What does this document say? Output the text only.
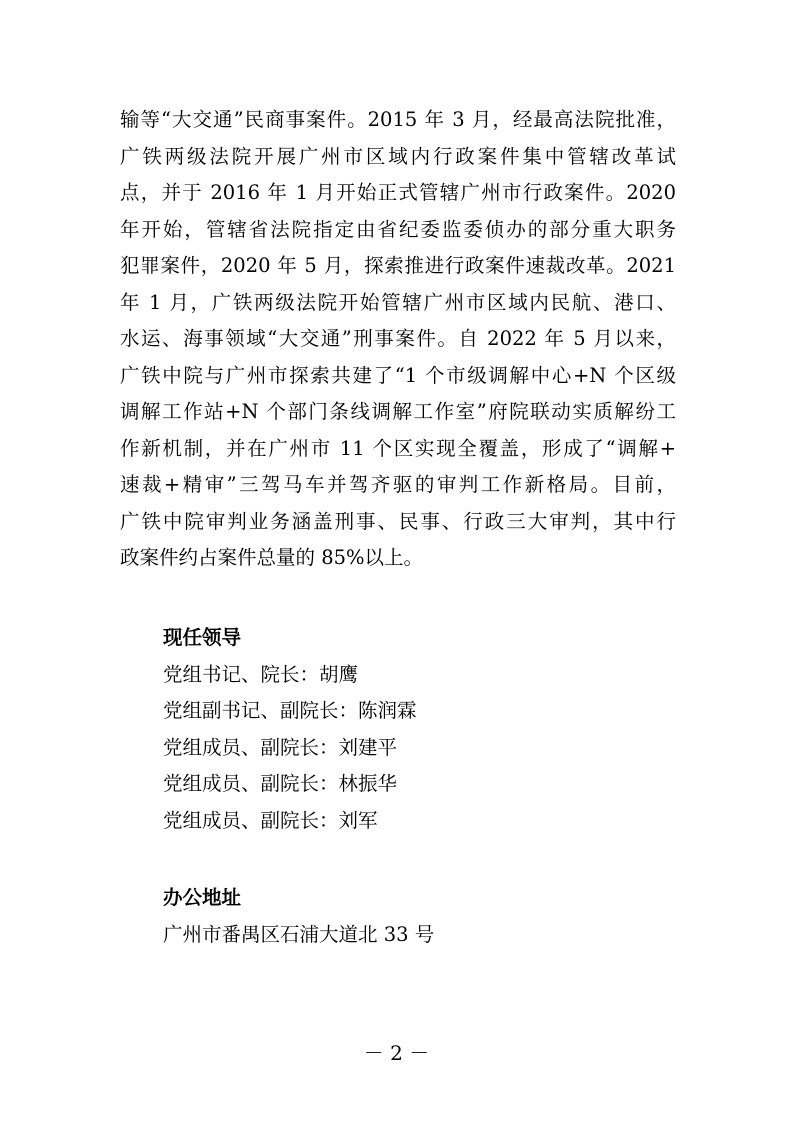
输等“大交通”民商事案件。2015 年 3 月，经最高法院批准，
广铁两级法院开展广州市区域内行政案件集中管辖改革试
点，并于 2016 年 1 月开始正式管辖广州市行政案件。2020
年开始，管辖省法院指定由省纪委监委侦办的部分重大职务
犯罪案件，2020 年 5 月，探索推进行政案件速裁改革。2021
年 1 月，广铁两级法院开始管辖广州市区域内民航、港口、
水运、海事领域“大交通”刑事案件。自 2022 年 5 月以来，
广铁中院与广州市探索共建了“1 个市级调解中心+N 个区级
调解工作站+N 个部门条线调解工作室”府院联动实质解纷工
作新机制，并在广州市 11 个区实现全覆盖，形成了“调解+
速裁+精审”三驾马车并驾齐驱的审判工作新格局。目前，
广铁中院审判业务涵盖刑事、民事、行政三大审判，其中行
政案件约占案件总量的 85%以上。
现任领导
党组书记、院长：胡鹰
党组副书记、副院长：陈润霖
党组成员、副院长：刘建平
党组成员、副院长：林振华
党组成员、副院长：刘军
办公地址
广州市番禺区石浦大道北 33 号
－ 2 －
